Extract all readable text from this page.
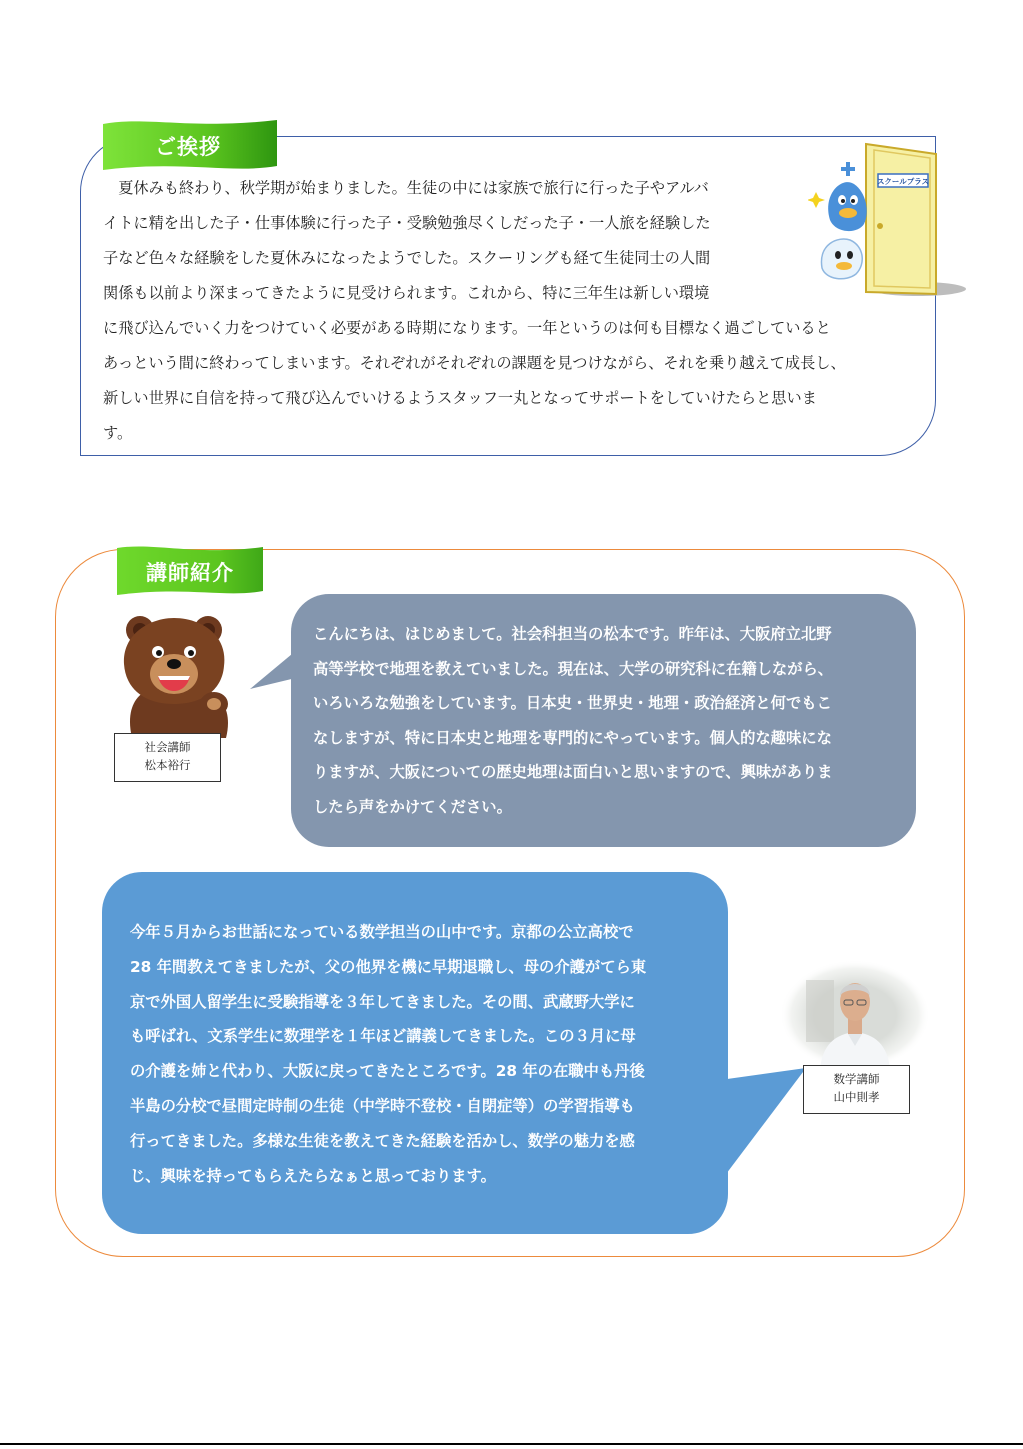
ご挨拶
　夏休みも終わり、秋学期が始まりました。生徒の中には家族で旅行に行った子やアルバ
イトに精を出した子・仕事体験に行った子・受験勉強尽くしだった子・一人旅を経験した
子など色々な経験をした夏休みになったようでした。スクーリングも経て生徒同士の人間
関係も以前より深まってきたように見受けられます。これから、特に三年生は新しい環境
に飛び込んでいく力をつけていく必要がある時期になります。一年というのは何も目標なく過ごしていると
あっという間に終わってしまいます。それぞれがそれぞれの課題を見つけながら、それを乗り越えて成長し、
新しい世界に自信を持って飛び込んでいけるようスタッフ一丸となってサポートをしていけたらと思いま
す。
スクールプラス
講師紹介
社会講師
松本裕行
こんにちは、はじめまして。社会科担当の松本です。昨年は、大阪府立北野
高等学校で地理を教えていました。現在は、大学の研究科に在籍しながら、
いろいろな勉強をしています。日本史・世界史・地理・政治経済と何でもこ
なしますが、特に日本史と地理を専門的にやっています。個人的な趣味にな
りますが、大阪についての歴史地理は面白いと思いますので、興味がありま
したら声をかけてください。
今年５月からお世話になっている数学担当の山中です。京都の公立高校で
28 年間教えてきましたが、父の他界を機に早期退職し、母の介護がてら東
京で外国人留学生に受験指導を３年してきました。その間、武蔵野大学に
も呼ばれ、文系学生に数理学を１年ほど講義してきました。この３月に母
の介護を姉と代わり、大阪に戻ってきたところです。28 年の在職中も丹後
半島の分校で昼間定時制の生徒（中学時不登校・自閉症等）の学習指導も
行ってきました。多様な生徒を教えてきた経験を活かし、数学の魅力を感
じ、興味を持ってもらえたらなぁと思っております。
数学講師
山中則孝
